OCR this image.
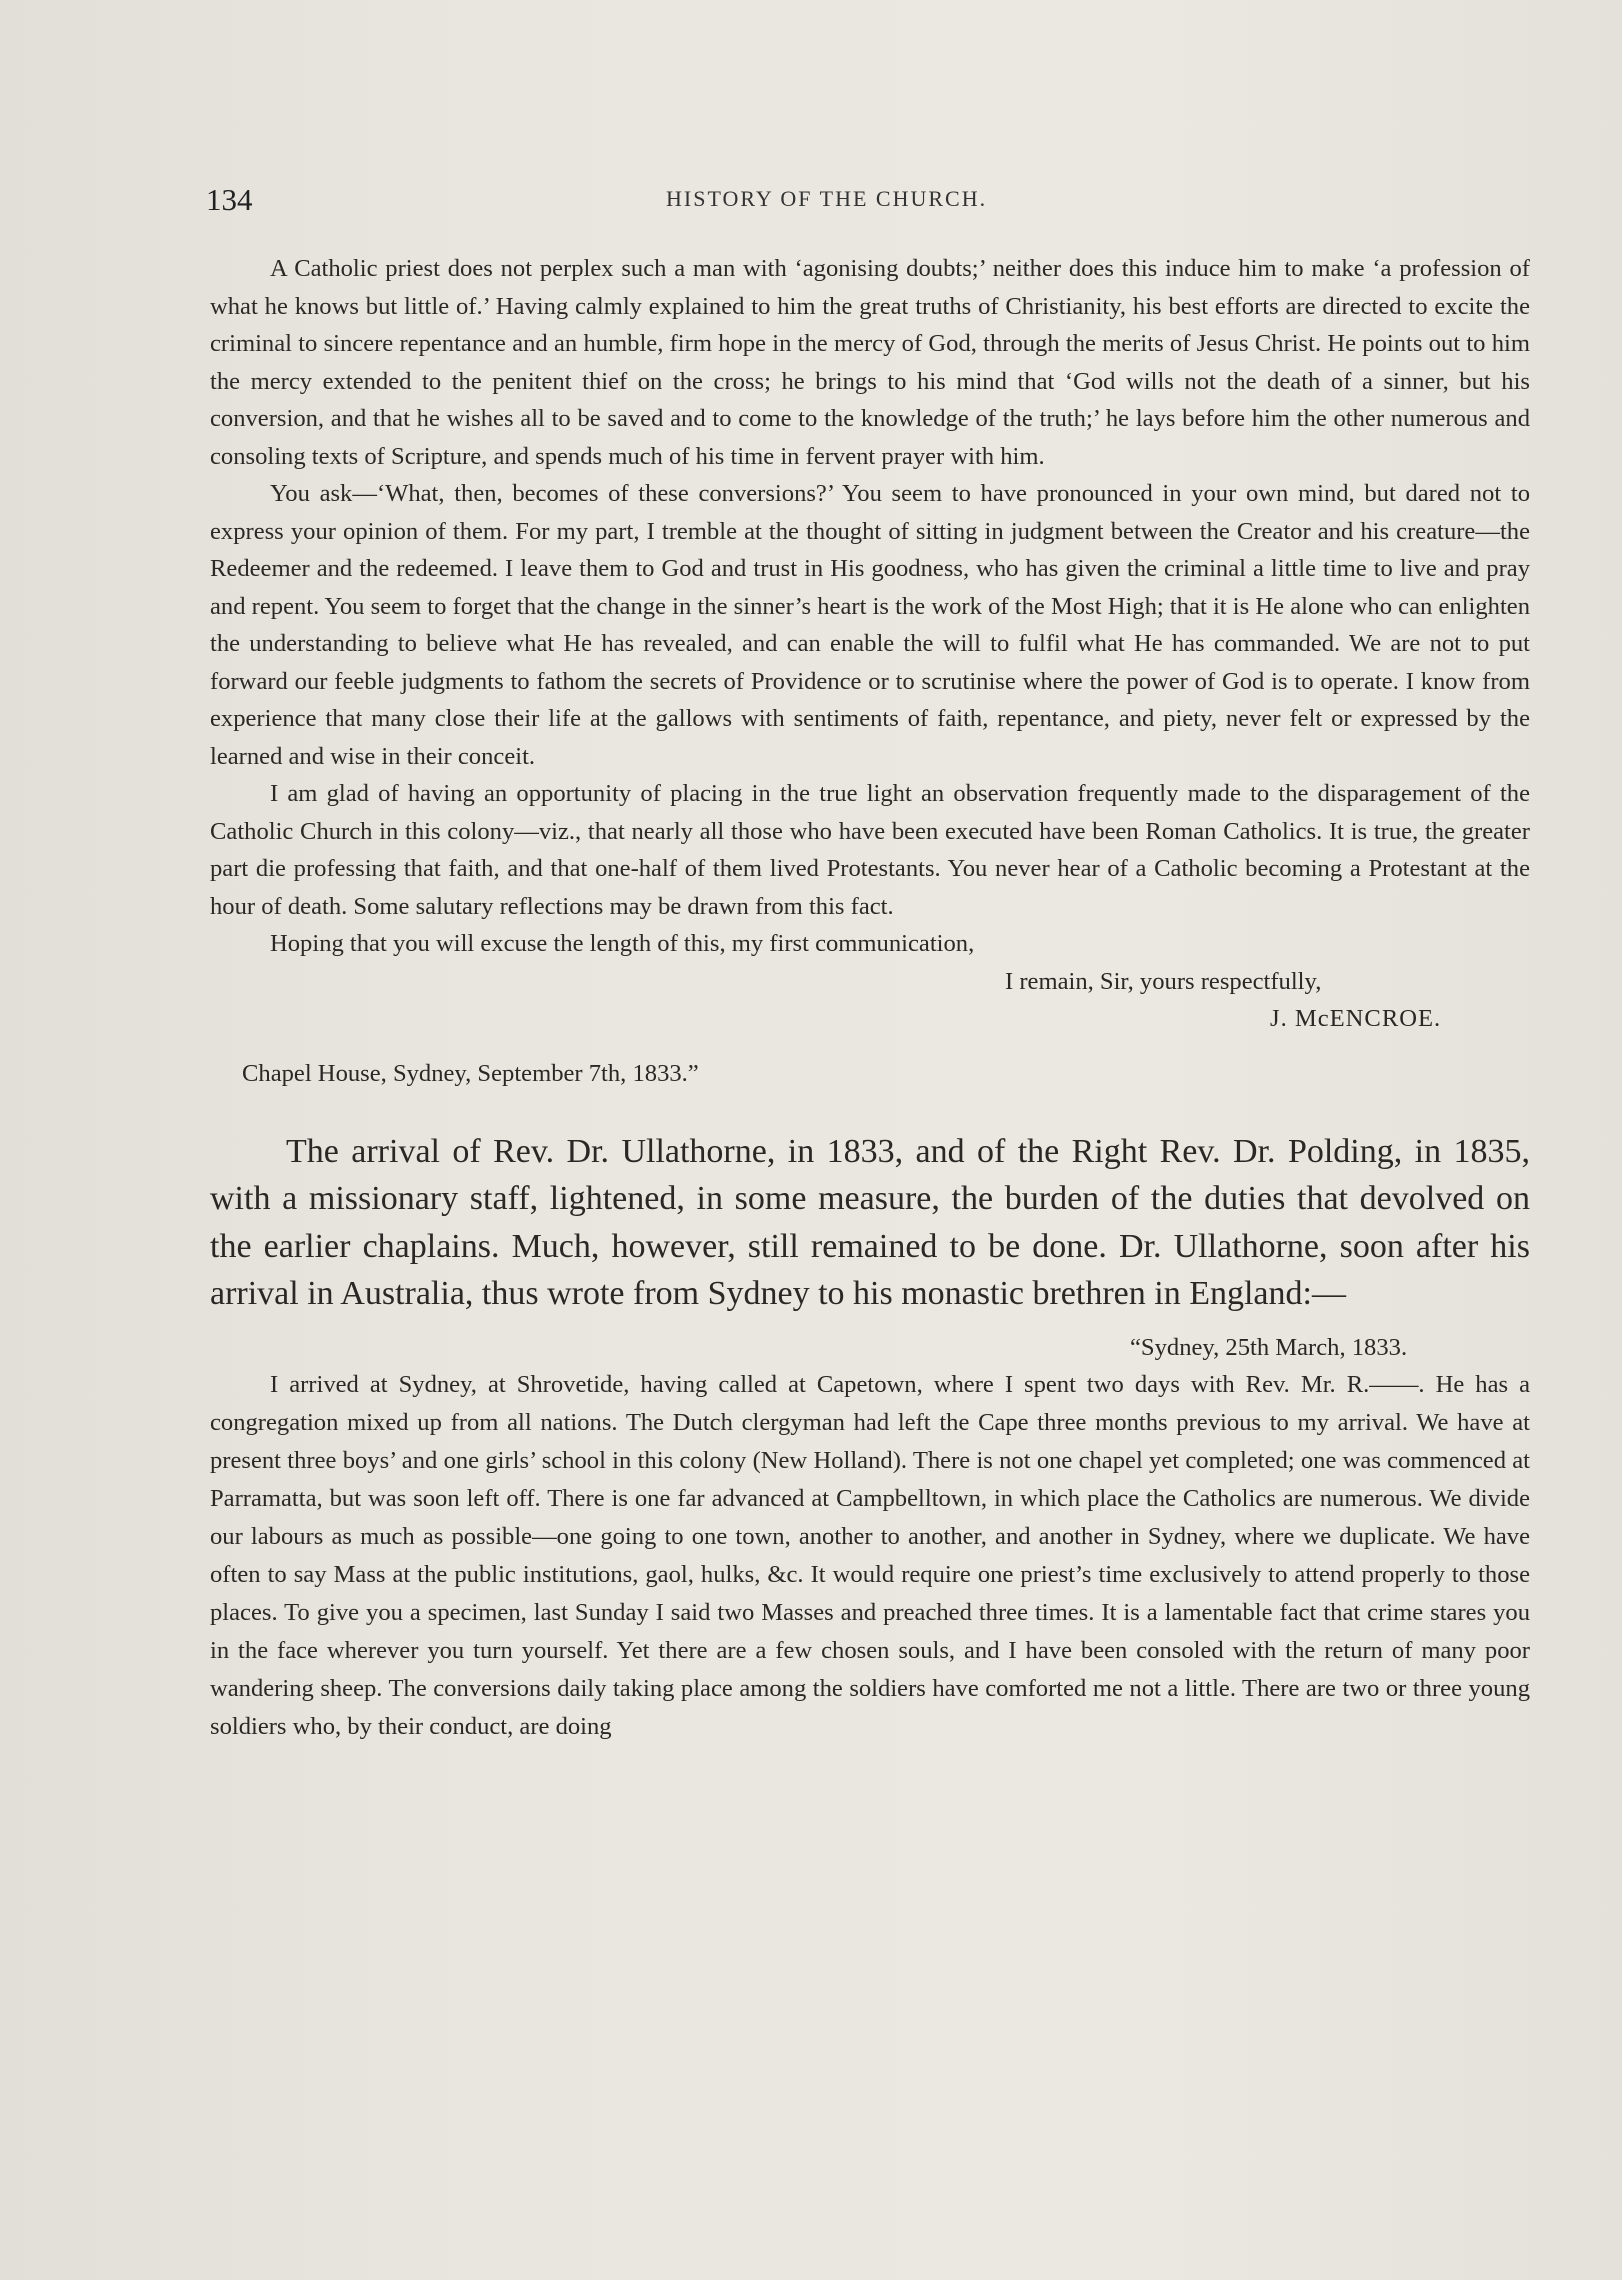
134	HISTORY OF THE CHURCH.

A Catholic priest does not perplex such a man with ‘agonising doubts;’ neither does this induce him to make ‘a profession of what he knows but little of.’ Having calmly explained to him the great truths of Christianity, his best efforts are directed to excite the criminal to sincere repentance and an humble, firm hope in the mercy of God, through the merits of Jesus Christ. He points out to him the mercy extended to the penitent thief on the cross; he brings to his mind that ‘God wills not the death of a sinner, but his conversion, and that he wishes all to be saved and to come to the knowledge of the truth;’ he lays before him the other numerous and consoling texts of Scripture, and spends much of his time in fervent prayer with him.

You ask—‘What, then, becomes of these conversions?’ You seem to have pronounced in your own mind, but dared not to express your opinion of them. For my part, I tremble at the thought of sitting in judgment between the Creator and his creature—the Redeemer and the redeemed. I leave them to God and trust in His goodness, who has given the criminal a little time to live and pray and repent. You seem to forget that the change in the sinner’s heart is the work of the Most High; that it is He alone who can enlighten the understanding to believe what He has revealed, and can enable the will to fulfil what He has commanded. We are not to put forward our feeble judgments to fathom the secrets of Providence or to scrutinise where the power of God is to operate. I know from experience that many close their life at the gallows with sentiments of faith, repentance, and piety, never felt or expressed by the learned and wise in their conceit.

I am glad of having an opportunity of placing in the true light an observation frequently made to the disparagement of the Catholic Church in this colony—viz., that nearly all those who have been executed have been Roman Catholics. It is true, the greater part die professing that faith, and that one-half of them lived Protestants. You never hear of a Catholic becoming a Protestant at the hour of death. Some salutary reflections may be drawn from this fact.

Hoping that you will excuse the length of this, my first communication,

I remain, Sir, yours respectfully,

J. McENCROE.

Chapel House, Sydney, September 7th, 1833.”

The arrival of Rev. Dr. Ullathorne, in 1833, and of the Right Rev. Dr. Polding, in 1835, with a missionary staff, lightened, in some measure, the burden of the duties that devolved on the earlier chaplains. Much, however, still remained to be done. Dr. Ullathorne, soon after his arrival in Australia, thus wrote from Sydney to his monastic brethren in England:—

“Sydney, 25th March, 1833.

I arrived at Sydney, at Shrovetide, having called at Capetown, where I spent two days with Rev. Mr. R.——. He has a congregation mixed up from all nations. The Dutch clergyman had left the Cape three months previous to my arrival. We have at present three boys’ and one girls’ school in this colony (New Holland). There is not one chapel yet completed; one was commenced at Parramatta, but was soon left off. There is one far advanced at Campbelltown, in which place the Catholics are numerous. We divide our labours as much as possible—one going to one town, another to another, and another in Sydney, where we duplicate. We have often to say Mass at the public institutions, gaol, hulks, &c. It would require one priest’s time exclusively to attend properly to those places. To give you a specimen, last Sunday I said two Masses and preached three times. It is a lamentable fact that crime stares you in the face wherever you turn yourself. Yet there are a few chosen souls, and I have been consoled with the return of many poor wandering sheep. The conversions daily taking place among the soldiers have comforted me not a little. There are two or three young soldiers who, by their conduct, are doing
